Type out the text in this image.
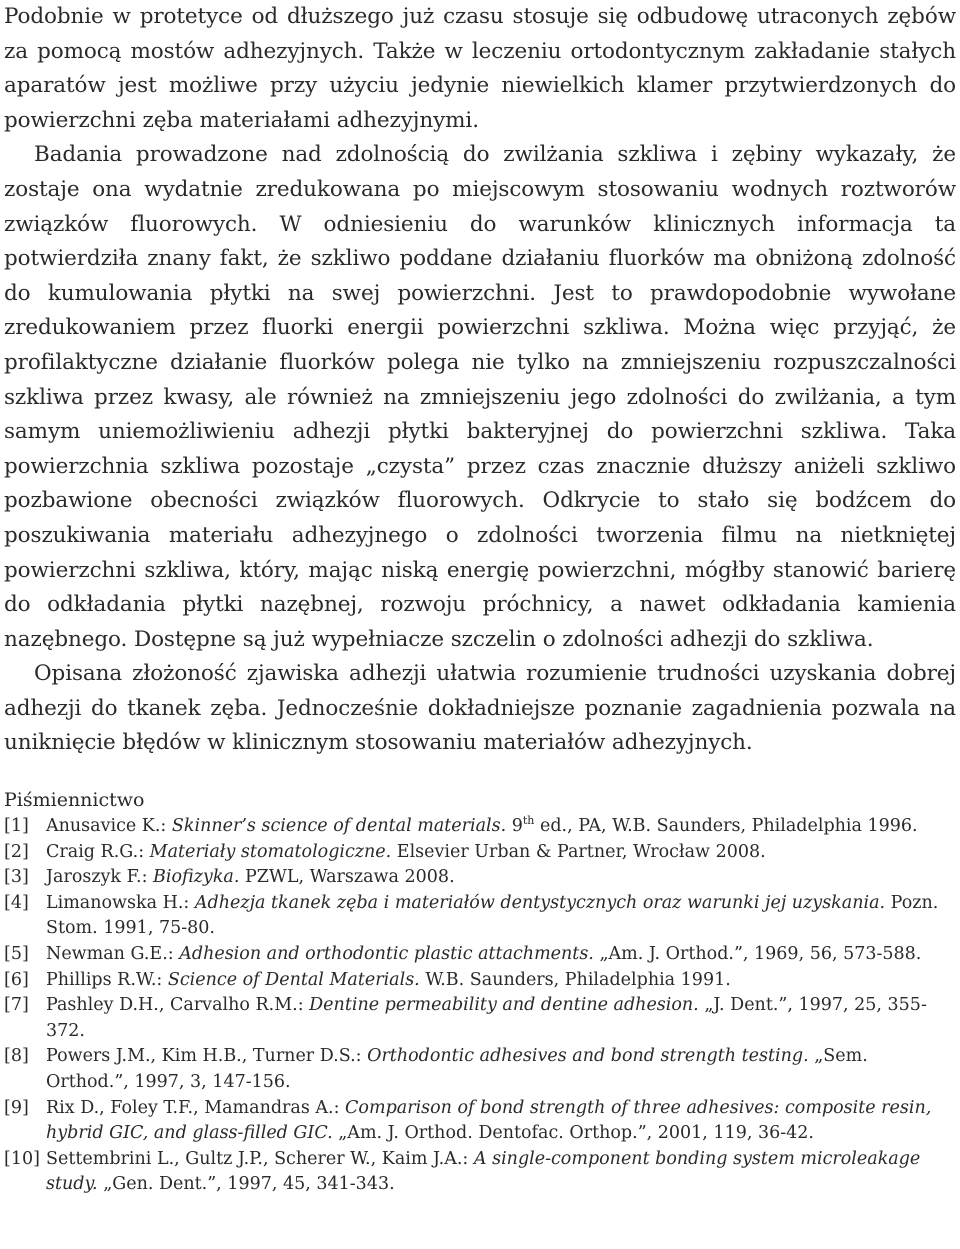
Podobnie w protetyce od dłuższego już czasu stosuje się odbudowę utraconych zębów za pomocą mostów adhezyjnych. Także w leczeniu ortodontycznym zakładanie stałych aparatów jest możliwe przy użyciu jedynie niewielkich klamer przytwierdzonych do powierzchni zęba materiałami adhezyjnymi.

Badania prowadzone nad zdolnością do zwilżania szkliwa i zębiny wykazały, że zostaje ona wydatnie zredukowana po miejscowym stosowaniu wodnych roztworów związków fluorowych. W odniesieniu do warunków klinicznych informacja ta potwierdziła znany fakt, że szkliwo poddane działaniu fluorków ma obniżoną zdolność do kumulowania płytki na swej powierzchni. Jest to prawdopodobnie wywołane zredukowaniem przez fluorki energii powierzchni szkliwa. Można więc przyjąć, że profilaktyczne działanie fluorków polega nie tylko na zmniejszeniu rozpuszczalności szkliwa przez kwasy, ale również na zmniejszeniu jego zdolności do zwilżania, a tym samym uniemożliwieniu adhezji płytki bakteryjnej do powierzchni szkliwa. Taka powierzchnia szkliwa pozostaje „czysta” przez czas znacznie dłuższy aniżeli szkliwo pozbawione obecności związków fluorowych. Odkrycie to stało się bodźcem do poszukiwania materiału adhezyjnego o zdolności tworzenia filmu na nietkniętej powierzchni szkliwa, który, mając niską energię powierzchni, mógłby stanowić barierę do odkładania płytki nazębnej, rozwoju próchnicy, a nawet odkładania kamienia nazębnego. Dostępne są już wypełniacze szczelin o zdolności adhezji do szkliwa.

Opisana złożoność zjawiska adhezji ułatwia rozumienie trudności uzyskania dobrej adhezji do tkanek zęba. Jednocześnie dokładniejsze poznanie zagadnienia pozwala na uniknięcie błędów w klinicznym stosowaniu materiałów adhezyjnych.

Piśmiennictwo
[1] Anusavice K.: Skinner’s science of dental materials. 9th ed., PA, W.B. Saunders, Philadelphia 1996.
[2] Craig R.G.: Materiały stomatologiczne. Elsevier Urban & Partner, Wrocław 2008.
[3] Jaroszyk F.: Biofizyka. PZWL, Warszawa 2008.
[4] Limanowska H.: Adhezja tkanek zęba i materiałów dentystycznych oraz warunki jej uzyskania. Pozn. Stom. 1991, 75-80.
[5] Newman G.E.: Adhesion and orthodontic plastic attachments. „Am. J. Orthod.”, 1969, 56, 573-588.
[6] Phillips R.W.: Science of Dental Materials. W.B. Saunders, Philadelphia 1991.
[7] Pashley D.H., Carvalho R.M.: Dentine permeability and dentine adhesion. „J. Dent.”, 1997, 25, 355-372.
[8] Powers J.M., Kim H.B., Turner D.S.: Orthodontic adhesives and bond strength testing. „Sem. Orthod.”, 1997, 3, 147-156.
[9] Rix D., Foley T.F., Mamandras A.: Comparison of bond strength of three adhesives: composite resin, hybrid GIC, and glass-filled GIC. „Am. J. Orthod. Dentofac. Orthop.”, 2001, 119, 36-42.
[10] Settembrini L., Gultz J.P., Scherer W., Kaim J.A.: A single-component bonding system microleakage study. „Gen. Dent.”, 1997, 45, 341-343.
